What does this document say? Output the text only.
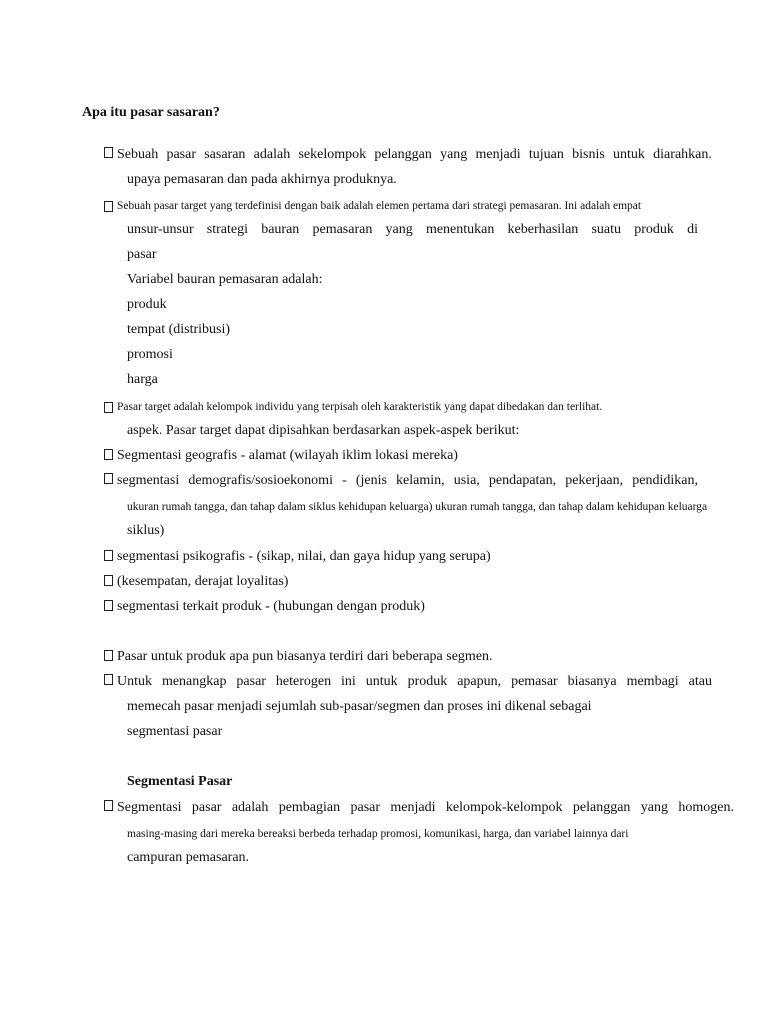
Apa itu pasar sasaran?
Sebuah pasar sasaran adalah sekelompok pelanggan yang menjadi tujuan bisnis untuk diarahkan.
upaya pemasaran dan pada akhirnya produknya.
Sebuah pasar target yang terdefinisi dengan baik adalah elemen pertama dari strategi pemasaran. Ini adalah empat
unsur-unsur strategi bauran pemasaran yang menentukan keberhasilan suatu produk di
pasar
Variabel bauran pemasaran adalah:
produk
tempat (distribusi)
promosi
harga
Pasar target adalah kelompok individu yang terpisah oleh karakteristik yang dapat dibedakan dan terlihat.
aspek. Pasar target dapat dipisahkan berdasarkan aspek-aspek berikut:
Segmentasi geografis - alamat (wilayah iklim lokasi mereka)
segmentasi demografis/sosioekonomi - (jenis kelamin, usia, pendapatan, pekerjaan, pendidikan,
ukuran rumah tangga, dan tahap dalam siklus kehidupan keluarga) ukuran rumah tangga, dan tahap dalam kehidupan keluarga
siklus)
segmentasi psikografis - (sikap, nilai, dan gaya hidup yang serupa)
(kesempatan, derajat loyalitas)
segmentasi terkait produk - (hubungan dengan produk)
Pasar untuk produk apa pun biasanya terdiri dari beberapa segmen.
Untuk menangkap pasar heterogen ini untuk produk apapun, pemasar biasanya membagi atau
memecah pasar menjadi sejumlah sub-pasar/segmen dan proses ini dikenal sebagai
segmentasi pasar
Segmentasi Pasar
Segmentasi pasar adalah pembagian pasar menjadi kelompok-kelompok pelanggan yang homogen.
masing-masing dari mereka bereaksi berbeda terhadap promosi, komunikasi, harga, dan variabel lainnya dari
campuran pemasaran.
